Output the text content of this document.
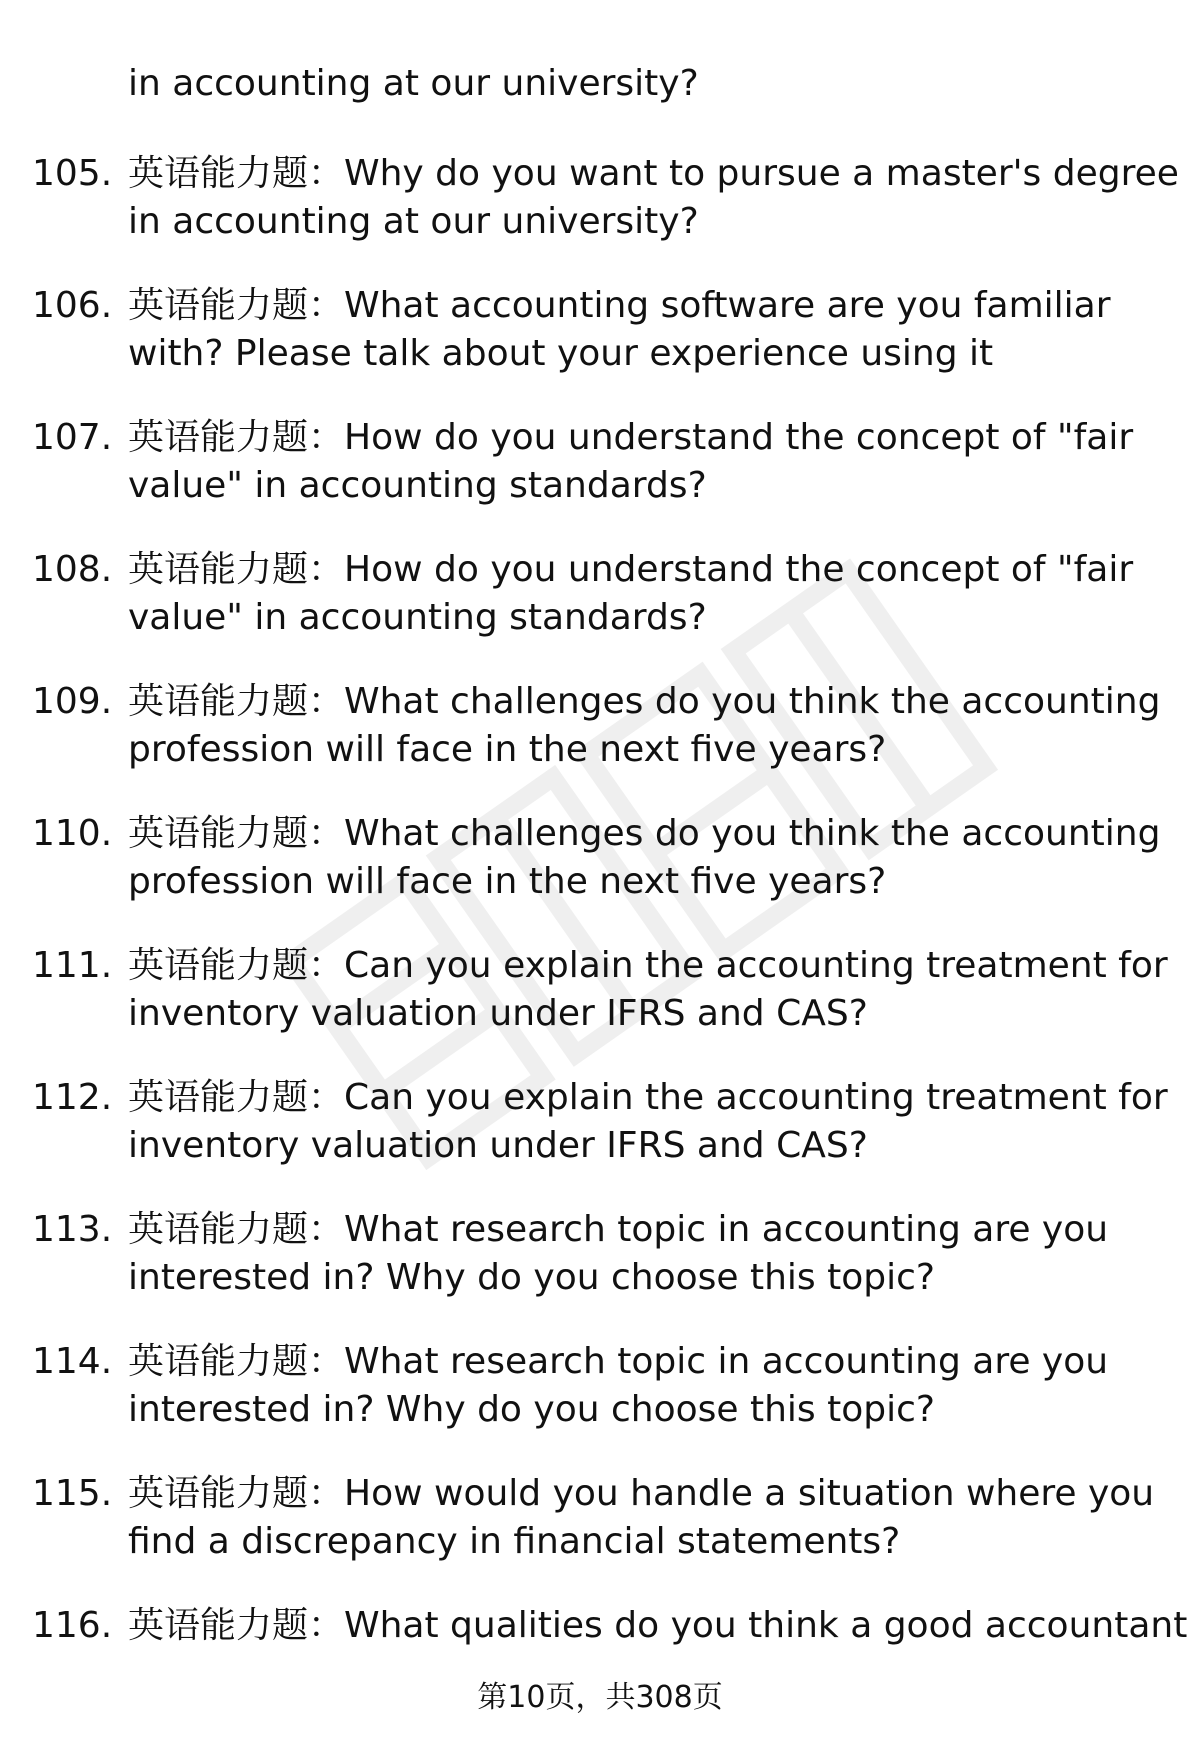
in accounting at our university?
105. 英语能力题：Why do you want to pursue a master's degree
in accounting at our university?
106. 英语能力题：What accounting software are you familiar
with? Please talk about your experience using it
107. 英语能力题：How do you understand the concept of "fair
value" in accounting standards?
108. 英语能力题：How do you understand the concept of "fair
value" in accounting standards?
109. 英语能力题：What challenges do you think the accounting
profession will face in the next five years?
110. 英语能力题：What challenges do you think the accounting
profession will face in the next five years?
111. 英语能力题：Can you explain the accounting treatment for
inventory valuation under IFRS and CAS?
112. 英语能力题：Can you explain the accounting treatment for
inventory valuation under IFRS and CAS?
113. 英语能力题：What research topic in accounting are you
interested in? Why do you choose this topic?
114. 英语能力题：What research topic in accounting are you
interested in? Why do you choose this topic?
115. 英语能力题：How would you handle a situation where you
find a discrepancy in financial statements?
116. 英语能力题：What qualities do you think a good accountant
第10页，共308页
